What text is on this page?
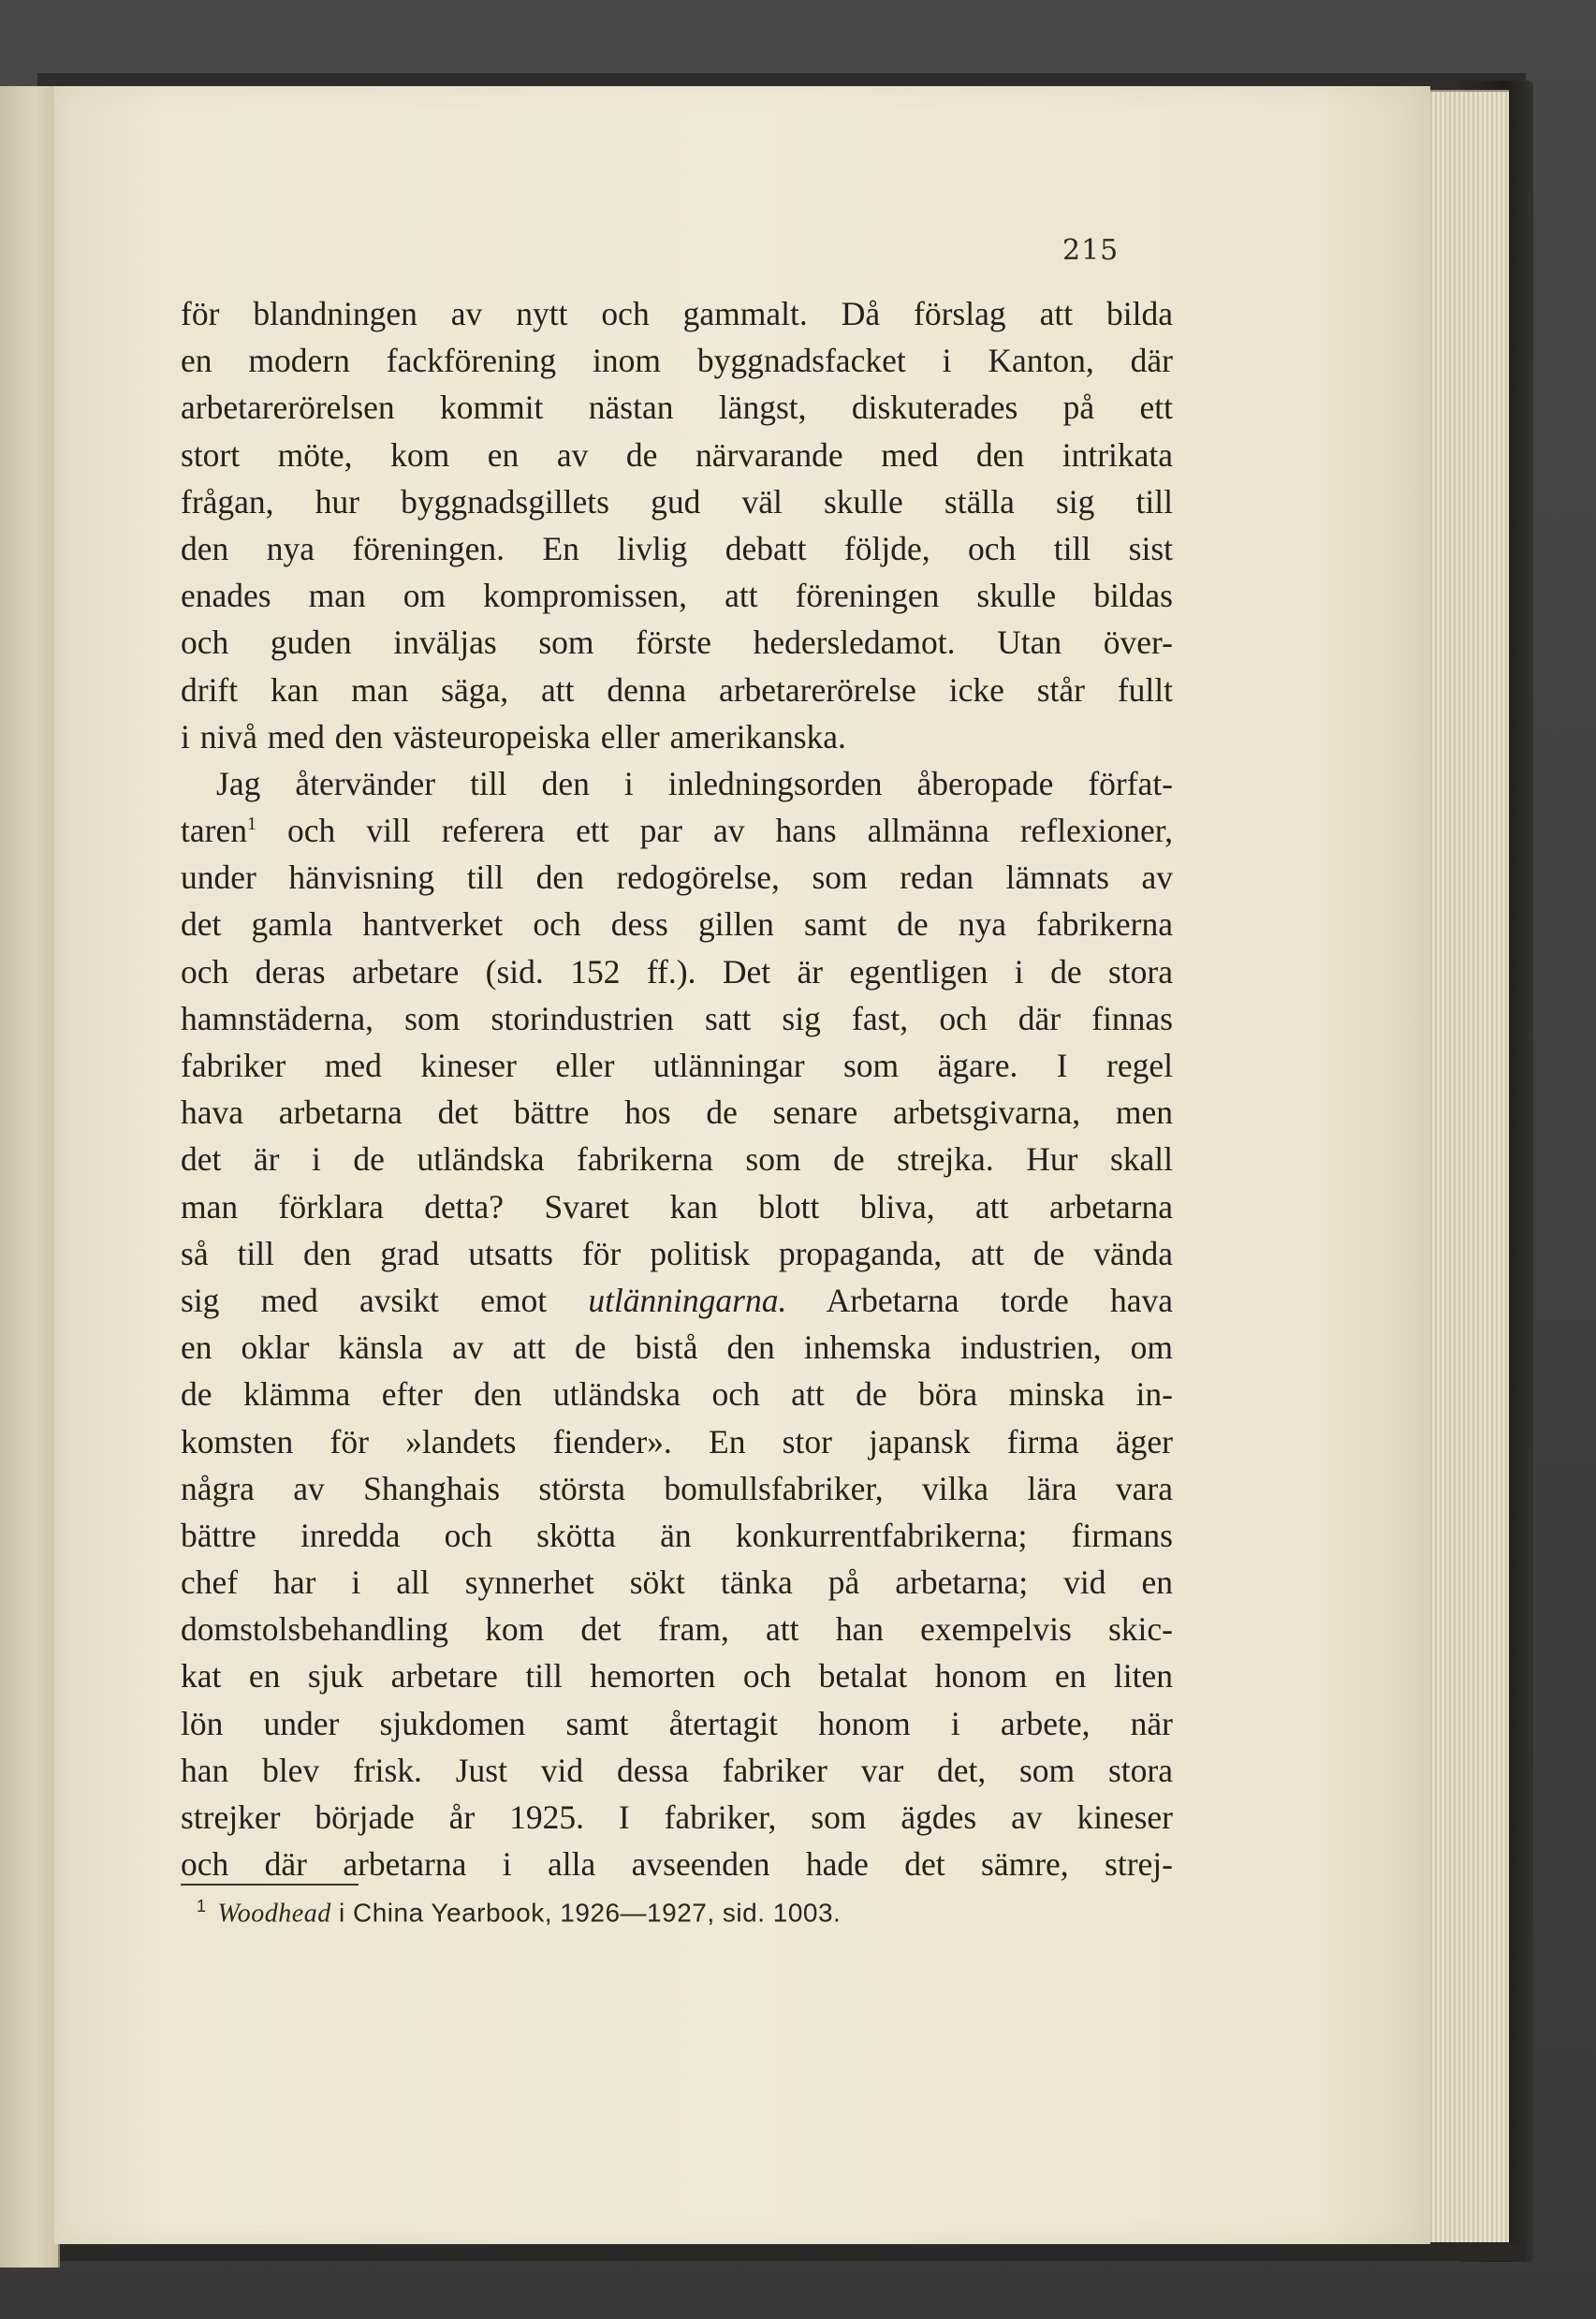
215
för blandningen av nytt och gammalt. Då förslag att bilda
en modern fackförening inom byggnadsfacket i Kanton, där
arbetarerörelsen kommit nästan längst, diskuterades på ett
stort möte, kom en av de närvarande med den intrikata
frågan, hur byggnadsgillets gud väl skulle ställa sig till
den nya föreningen. En livlig debatt följde, och till sist
enades man om kompromissen, att föreningen skulle bildas
och guden inväljas som förste hedersledamot. Utan över-
drift kan man säga, att denna arbetarerörelse icke står fullt
i nivå med den västeuropeiska eller amerikanska.
Jag återvänder till den i inledningsorden åberopade förfat-
taren$^1$ och vill referera ett par av hans allmänna reflexioner,
under hänvisning till den redogörelse, som redan lämnats av
det gamla hantverket och dess gillen samt de nya fabrikerna
och deras arbetare (sid. 152 ff.). Det är egentligen i de stora
hamnstäderna, som storindustrien satt sig fast, och där finnas
fabriker med kineser eller utlänningar som ägare. I regel
hava arbetarna det bättre hos de senare arbetsgivarna, men
det är i de utländska fabrikerna som de strejka. Hur skall
man förklara detta? Svaret kan blott bliva, att arbetarna
så till den grad utsatts för politisk propaganda, att de vända
sig med avsikt emot utlänningarna. Arbetarna torde hava
en oklar känsla av att de bistå den inhemska industrien, om
de klämma efter den utländska och att de böra minska in-
komsten för »landets fiender». En stor japansk firma äger
några av Shanghais största bomullsfabriker, vilka lära vara
bättre inredda och skötta än konkurrentfabrikerna; firmans
chef har i all synnerhet sökt tänka på arbetarna; vid en
domstolsbehandling kom det fram, att han exempelvis skic-
kat en sjuk arbetare till hemorten och betalat honom en liten
lön under sjukdomen samt återtagit honom i arbete, när
han blev frisk. Just vid dessa fabriker var det, som stora
strejker började år 1925. I fabriker, som ägdes av kineser
och där arbetarna i alla avseenden hade det sämre, strej-
$^1$ Woodhead i China Yearbook, 1926—1927, sid. 1003.
